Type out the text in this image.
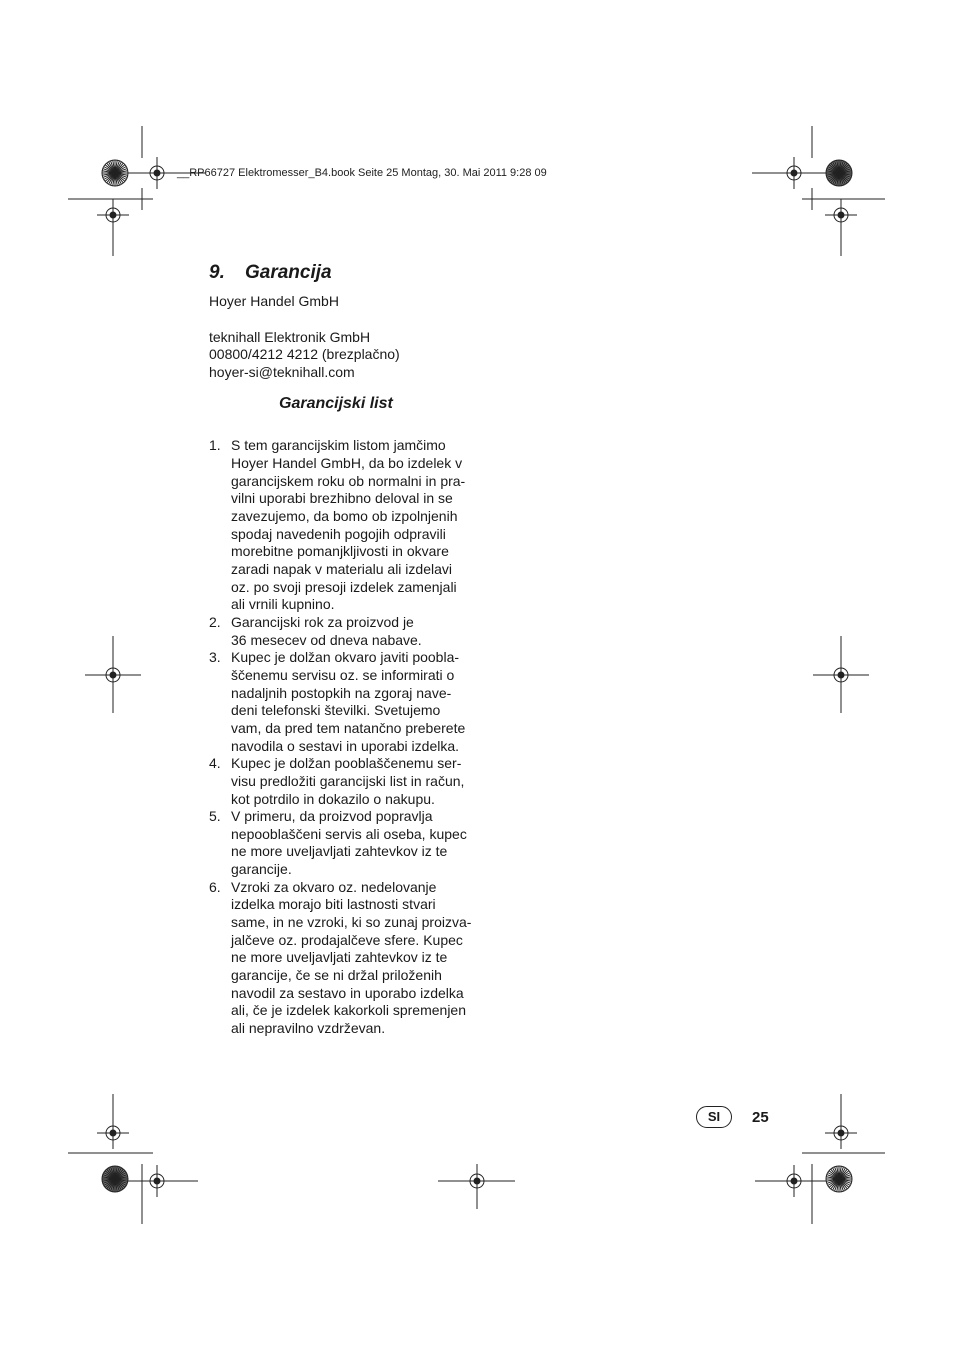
__RP66727 Elektromesser_B4.book Seite 25 Montag, 30. Mai 2011 9:28 09
9. Garancija

Hoyer Handel GmbH

teknihall Elektronik GmbH

00800/4212 4212 (brezplačno)

hoyer-si@teknihall.com

Garancijski list
1. S tem garancijskim listom jamčimo
Hoyer Handel GmbH, da bo izdelek v
garancijskem roku ob normalni in pra-
vilni uporabi brezhibno deloval in se
zavezujemo, da bomo ob izpolnjenih
spodaj navedenih pogojih odpravili
morebitne pomanjkljivosti in okvare
zaradi napak v materialu ali izdelavi
oz. po svoji presoji izdelek zamenjali
ali vrnili kupnino.

2. Garancijski rok za proizvod je
36 mesecev od dneva nabave.

3. Kupec je dolžan okvaro javiti poobla-
ščenemu servisu oz. se informirati o
nadaljnih postopkih na zgoraj nave-
deni telefonski številki. Svetujemo
vam, da pred tem natančno preberete
navodila o sestavi in uporabi izdelka.

4. Kupec je dolžan pooblaščenemu ser-
visu predložiti garancijski list in račun,
kot potrdilo in dokazilo o nakupu.

5. V primeru, da proizvod popravlja
nepooblaščeni servis ali oseba, kupec
ne more uveljavljati zahtevkov iz te
garancije.

6. Vzroki za okvaro oz. nedelovanje
izdelka morajo biti lastnosti stvari
same, in ne vzroki, ki so zunaj proizva-
jalčeve oz. prodajalčeve sfere. Kupec
ne more uveljavljati zahtevkov iz te
garancije, če se ni držal priloženih
navodil za sestavo in uporabo izdelka
ali, če je izdelek kakorkoli spremenjen
ali nepravilno vzdrževan.

SI	25
